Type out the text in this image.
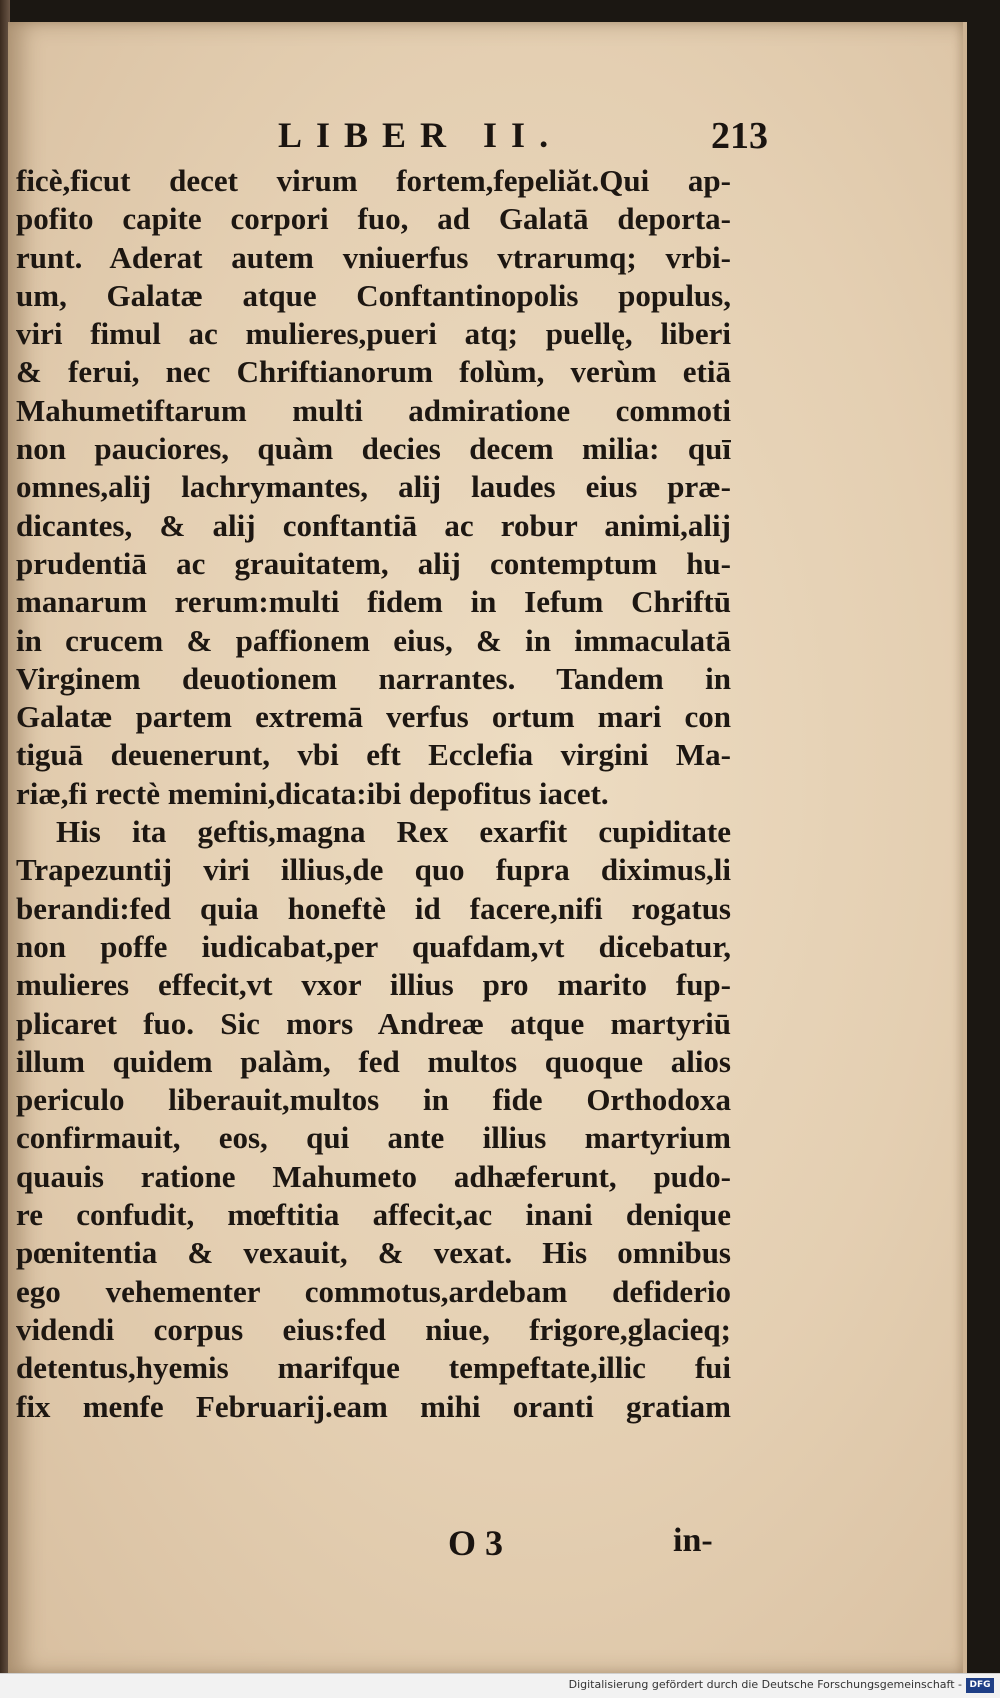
LIBER II.	213
ficè,ficut decet virum fortem,fepeliăt.Qui ap-
pofito capite corpori fuo, ad Galatā deporta-
runt. Aderat autem vniuerfus vtrarumq; vrbi-
um, Galatæ atque Conftantinopolis populus,
viri fimul ac mulieres,pueri atq; puellę, liberi
& ferui, nec Chriftianorum folùm, verùm etiā
Mahumetiftarum multi admiratione commoti
non pauciores, quàm decies decem milia: quī
omnes,alij lachrymantes, alij laudes eius præ-
dicantes, & alij conftantiā ac robur animi,alij
prudentiā ac grauitatem, alij contemptum hu-
manarum rerum:multi fidem in Iefum Chriftū
in crucem & paffionem eius, & in immaculatā
Virginem deuotionem narrantes. Tandem in
Galatæ partem extremā verfus ortum mari con
tiguā deuenerunt, vbi eft Ecclefia virgini Ma-
riæ,fi rectè memini,dicata:ibi depofitus iacet.
His ita geftis,magna Rex exarfit cupiditate
Trapezuntij viri illius,de quo fupra diximus,li
berandi:fed quia honeftè id facere,nifi rogatus
non poffe iudicabat,per quafdam,vt dicebatur,
mulieres effecit,vt vxor illius pro marito fup-
plicaret fuo. Sic mors Andreæ atque martyriū
illum quidem palàm, fed multos quoque alios
periculo liberauit,multos in fide Orthodoxa
confirmauit, eos, qui ante illius martyrium
quauis ratione Mahumeto adhæferunt, pudo-
re confudit, mœftitia affecit,ac inani denique
pœnitentia & vexauit, & vexat. His omnibus
ego vehementer commotus,ardebam defiderio
videndi corpus eius:fed niue, frigore,glacieq;
detentus,hyemis marifque tempeftate,illic fui
fix menfe Februarij.eam mihi oranti gratiam
O 3	in-
Digitalisierung gefördert durch die Deutsche Forschungsgemeinschaft - DFG
